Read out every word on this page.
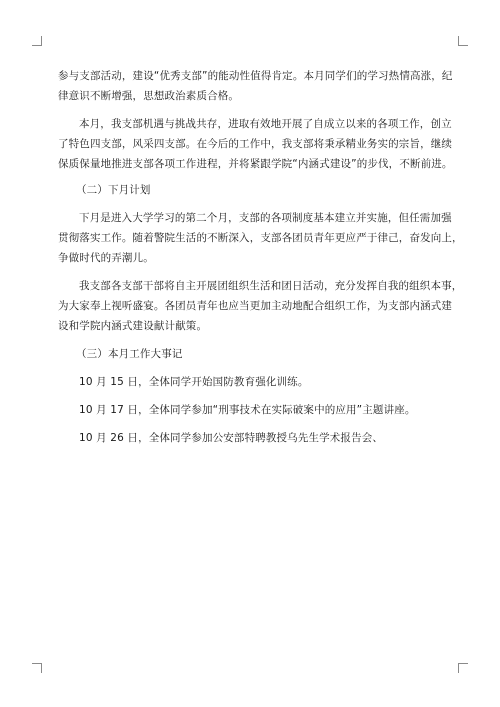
参与支部活动，建设“优秀支部”的能动性值得肯定。本月同学们的学习热情高涨，纪
律意识不断增强，思想政治素质合格。
本月，我支部机遇与挑战共存，进取有效地开展了自成立以来的各项工作，创立
了特色四支部，风采四支部。在今后的工作中，我支部将秉承精业务实的宗旨，继续
保质保量地推进支部各项工作进程，并将紧跟学院“内涵式建设”的步伐，不断前进。
（二）下月计划
下月是进入大学学习的第二个月，支部的各项制度基本建立并实施，但任需加强
贯彻落实工作。随着警院生活的不断深入，支部各团员青年更应严于律己，奋发向上，
争做时代的弄潮儿。
我支部各支部干部将自主开展团组织生活和团日活动，充分发挥自我的组织本事，
为大家奉上视听盛宴。各团员青年也应当更加主动地配合组织工作，为支部内涵式建
设和学院内涵式建设献计献策。
（三）本月工作大事记
10 月 15 日，全体同学开始国防教育强化训练。
10 月 17 日，全体同学参加“刑事技术在实际破案中的应用”主题讲座。
10 月 26 日，全体同学参加公安部特聘教授乌先生学术报告会、
